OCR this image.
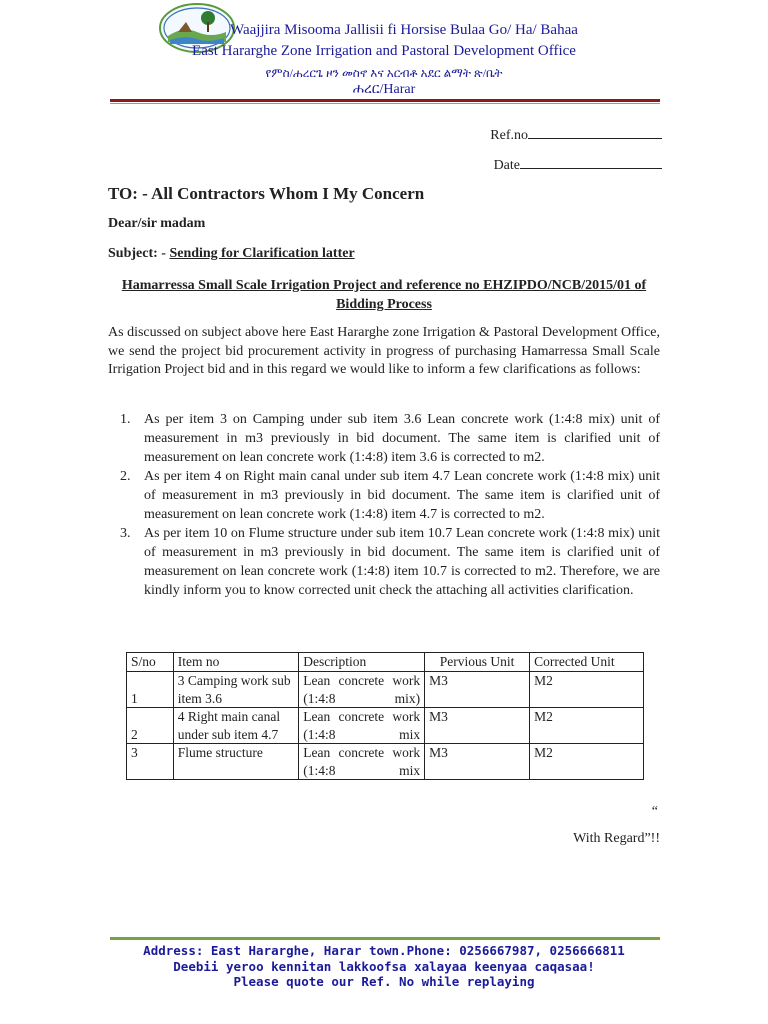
Waajjira Misooma Jallisii fi Horsise Bulaa Go/ Ha/ Bahaa
East Hararghe Zone Irrigation and Pastoral Development Office
የምስ/ሐረርጌ ዞን መስኖ እና አርብቶ አደር ልማት ጽ/ቤት
ሐረር/Harar
Ref.no
Date
TO: - All Contractors Whom I My Concern
Dear/sir madam
Subject: - Sending for Clarification latter
Hamarressa Small Scale Irrigation Project and reference no EHZIPDO/NCB/2015/01 of Bidding Process

As discussed on subject above here East Hararghe zone Irrigation & Pastoral Development Office, we send the project bid procurement activity in progress of purchasing Hamarressa Small Scale Irrigation Project bid and in this regard we would like to inform a few clarifications as follows:

1. As per item 3 on Camping under sub item 3.6 Lean concrete work (1:4:8 mix) unit of measurement in m3 previously in bid document. The same item is clarified unit of measurement on lean concrete work (1:4:8) item 3.6 is corrected to m2.
2. As per item 4 on Right main canal under sub item 4.7 Lean concrete work (1:4:8 mix) unit of measurement in m3 previously in bid document. The same item is clarified unit of measurement on lean concrete work (1:4:8) item 4.7 is corrected to m2.
3. As per item 10 on Flume structure under sub item 10.7 Lean concrete work (1:4:8 mix) unit of measurement in m3 previously in bid document. The same item is clarified unit of measurement on lean concrete work (1:4:8) item 10.7 is corrected to m2. Therefore, we are kindly inform you to know corrected unit check the attaching all activities clarification.
S/no	Item no	Description	Pervious Unit	Corrected Unit
1	3 Camping work sub item 3.6	Lean concrete work (1:4:8 mix)	M3	M2
2	4 Right main canal under sub item 4.7	Lean concrete work (1:4:8 mix	M3	M2
3	Flume structure	Lean concrete work (1:4:8 mix	M3	M2
“
With Regard”!!
Address: East Hararghe, Harar town.Phone: 0256667987, 0256666811
Deebii yeroo kennitan lakkoofsa xalayaa keenyaa caqasaa!
Please quote our Ref. No while replaying
